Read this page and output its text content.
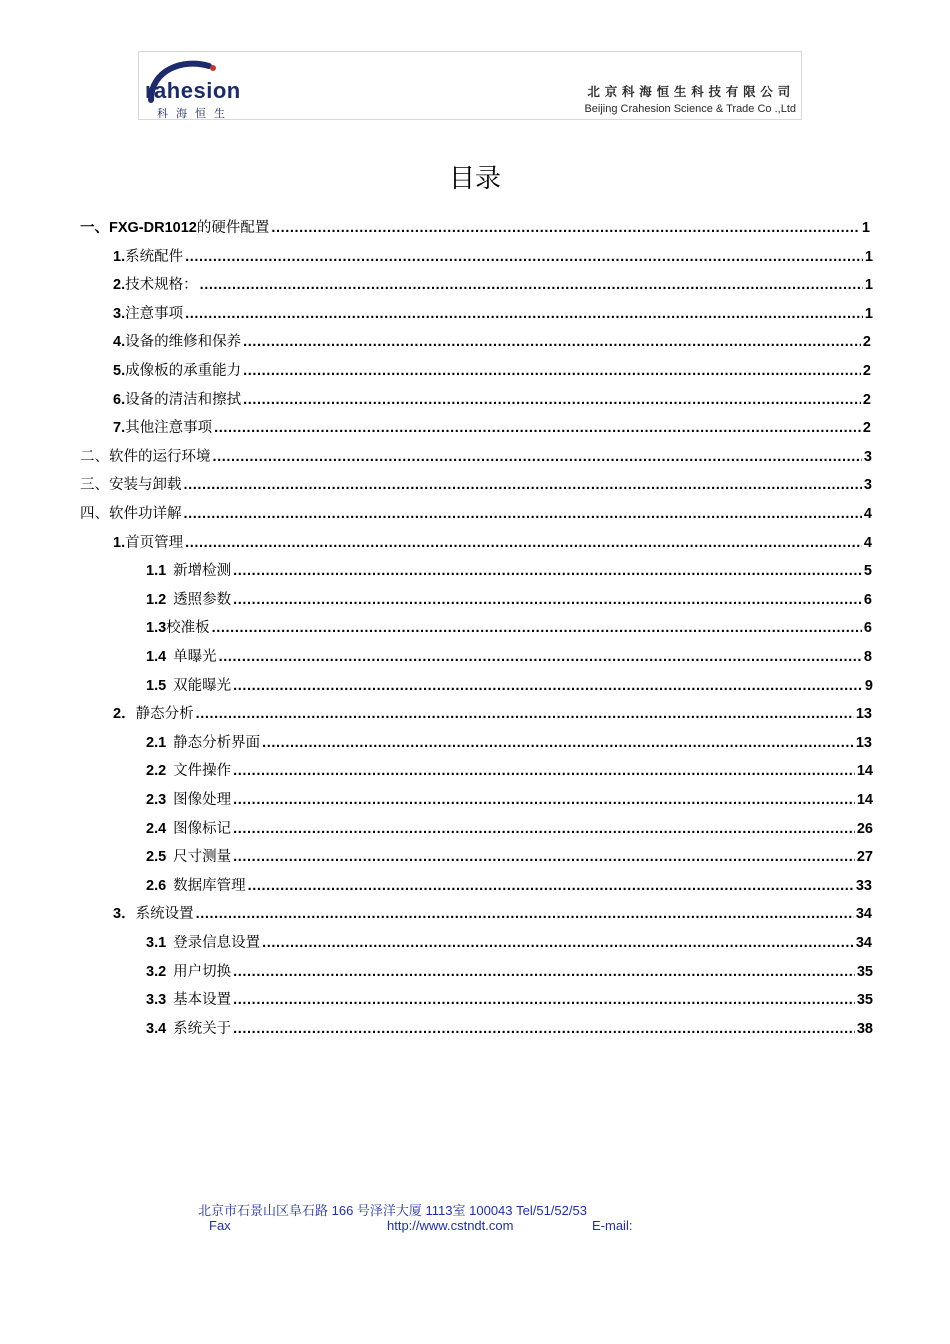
rahesion
科海恒生
北京科海恒生科技有限公司
Beijing Crahesion Science & Trade Co .,Ltd
目录
一、FXG-DR1012 的硬件配置 .....	1
1. 系统配件 .....	1
2. 技术规格： .....	1
3. 注意事项 .....	1
4. 设备的维修和保养 .....	2
5. 成像板的承重能力 .....	2
6. 设备的清洁和擦拭 .....	2
7. 其他注意事项 .....	2
二、软件的运行环境 .....	3
三、安装与卸载 .....	3
四、软件功详解 .....	4
1. 首页管理 .....	4
1.1 新增检测 .....	5
1.2 透照参数 .....	6
1.3 校准板 .....	6
1.4 单曝光 .....	8
1.5 双能曝光 .....	9
2． 静态分析 .....	13
2.1 静态分析界面 .....	13
2.2 文件操作 .....	14
2.3 图像处理 .....	14
2.4 图像标记 .....	26
2.5 尺寸测量 .....	27
2.6 数据库管理 .....	33
3． 系统设置 .....	34
3.1 登录信息设置 .....	34
3.2 用户切换 .....	35
3.3 基本设置 .....	35
3.4 系统关于 .....	38
北京市石景山区阜石路 166 号泽洋大厦 1113室 100043 Tel/51/52/53
Fax	http://www.cstndt.com	E-mail:
